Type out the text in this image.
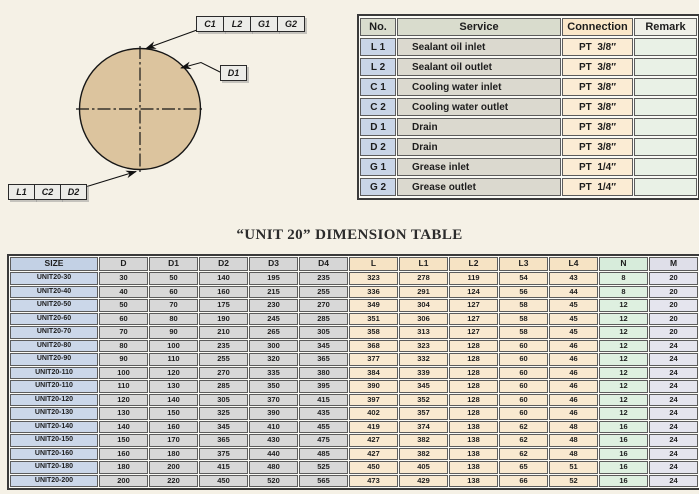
C1	L2	G1	G2
D1
L1	C2	D2
No.	Service	Connection	Remark
L 1	Sealant oil inlet	PT  3/8″	
L 2	Sealant oil outlet	PT  3/8″	
C 1	Cooling water inlet	PT  3/8″	
C 2	Cooling water outlet	PT  3/8″	
D 1	Drain	PT  3/8″	
D 2	Drain	PT  3/8″	
G 1	Grease inlet	PT  1/4″	
G 2	Grease outlet	PT  1/4″	
“UNIT 20” DIMENSION TABLE
SIZE	D	D1	D2	D3	D4	L	L1	L2	L3	L4	N	M
UNIT20-30	30	50	140	195	235	323	278	119	54	43	8	20
UNIT20-40	40	60	160	215	255	336	291	124	56	44	8	20
UNIT20-50	50	70	175	230	270	349	304	127	58	45	12	20
UNIT20-60	60	80	190	245	285	351	306	127	58	45	12	20
UNIT20-70	70	90	210	265	305	358	313	127	58	45	12	20
UNIT20-80	80	100	235	300	345	368	323	128	60	46	12	24
UNIT20-90	90	110	255	320	365	377	332	128	60	46	12	24
UNIT20-110	100	120	270	335	380	384	339	128	60	46	12	24
UNIT20-110	110	130	285	350	395	390	345	128	60	46	12	24
UNIT20-120	120	140	305	370	415	397	352	128	60	46	12	24
UNIT20-130	130	150	325	390	435	402	357	128	60	46	12	24
UNIT20-140	140	160	345	410	455	419	374	138	62	48	16	24
UNIT20-150	150	170	365	430	475	427	382	138	62	48	16	24
UNIT20-160	160	180	375	440	485	427	382	138	62	48	16	24
UNIT20-180	180	200	415	480	525	450	405	138	65	51	16	24
UNIT20-200	200	220	450	520	565	473	429	138	66	52	16	24
